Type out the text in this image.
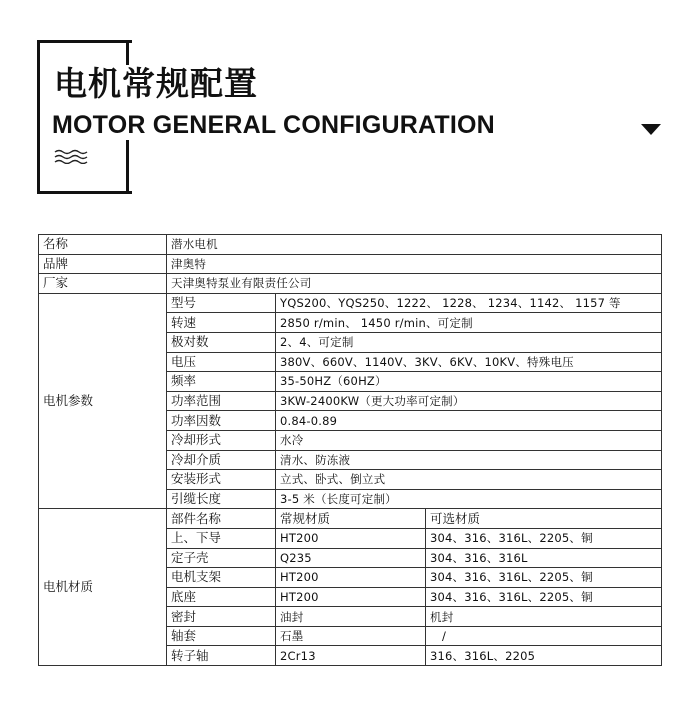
电机常规配置
MOTOR GENERAL CONFIGURATION
名称	潜水电机		
品牌	津奥特		
厂家	天津奥特泵业有限责任公司		
电机参数	型号	YQS200、YQS250、1222、 1228、 1234、1142、 1157 等	
	转速	2850 r/min、 1450 r/min、可定制	
	极对数	2、4、可定制	
	电压	380V、660V、1140V、3KV、6KV、10KV、特殊电压	
	频率	35-50HZ（60HZ）	
	功率范围	3KW-2400KW（更大功率可定制）	
	功率因数	0.84-0.89	
	冷却形式	水冷	
	冷却介质	清水、防冻液	
	安装形式	立式、卧式、倒立式	
	引缆长度	3-5 米（长度可定制）	
电机材质	部件名称	常规材质	可选材质
	上、下导	HT200	304、316、316L、2205、铜
	定子壳	Q235	304、316、316L
	电机支架	HT200	304、316、316L、2205、铜
	底座	HT200	304、316、316L、2205、铜
	密封	油封	机封
	轴套	石墨	/
	转子轴	2Cr13	316、316L、2205
